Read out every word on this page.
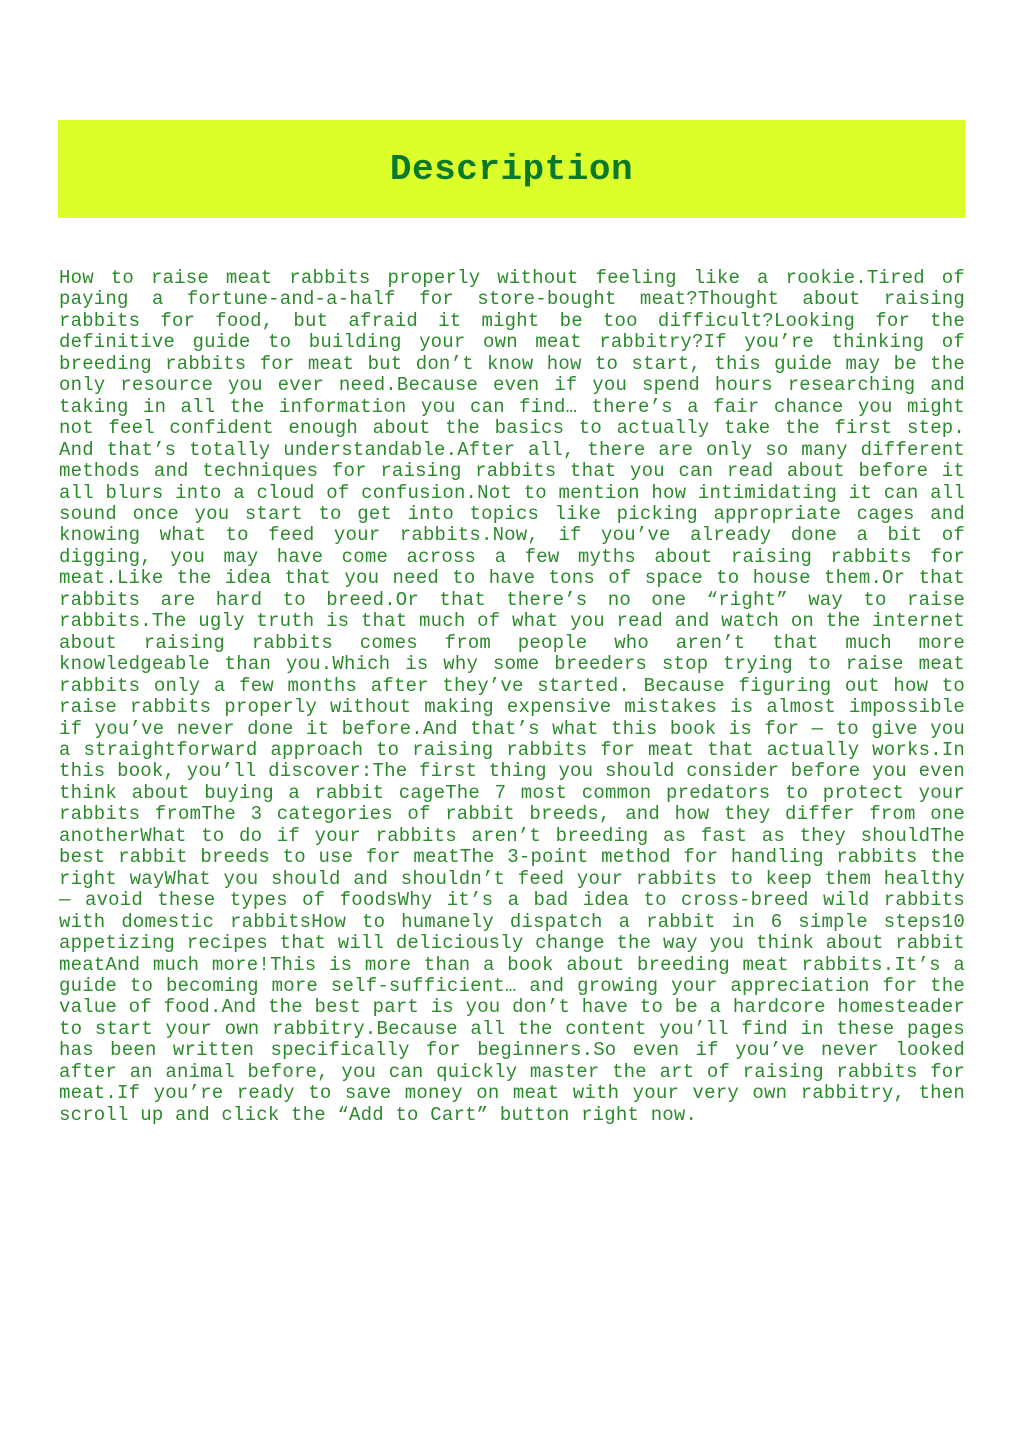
Description
How to raise meat rabbits properly without feeling like a rookie.Tired of paying a fortune-and-a-half for store-bought meat?Thought about raising rabbits for food, but afraid it might be too difficult?Looking for the definitive guide to building your own meat rabbitry?If you’re thinking of breeding rabbits for meat but don’t know how to start, this guide may be the only resource you ever need.Because even if you spend hours researching and taking in all the information you can find… there’s a fair chance you might not feel confident enough about the basics to actually take the first step. And that’s totally understandable.After all, there are only so many different methods and techniques for raising rabbits that you can read about before it all blurs into a cloud of confusion.Not to mention how intimidating it can all sound once you start to get into topics like picking appropriate cages and knowing what to feed your rabbits.Now, if you’ve already done a bit of digging, you may have come across a few myths about raising rabbits for meat.Like the idea that you need to have tons of space to house them.Or that rabbits are hard to breed.Or that there’s no one “right” way to raise rabbits.The ugly truth is that much of what you read and watch on the internet about raising rabbits comes from people who aren’t that much more knowledgeable than you.Which is why some breeders stop trying to raise meat rabbits only a few months after they’ve started. Because figuring out how to raise rabbits properly without making expensive mistakes is almost impossible if you’ve never done it before.And that’s what this book is for — to give you a straightforward approach to raising rabbits for meat that actually works.In this book, you’ll discover:The first thing you should consider before you even think about buying a rabbit cageThe 7 most common predators to protect your rabbits fromThe 3 categories of rabbit breeds, and how they differ from one anotherWhat to do if your rabbits aren’t breeding as fast as they shouldThe best rabbit breeds to use for meatThe 3-point method for handling rabbits the right wayWhat you should and shouldn’t feed your rabbits to keep them healthy — avoid these types of foodsWhy it’s a bad idea to cross-breed wild rabbits with domestic rabbitsHow to humanely dispatch a rabbit in 6 simple steps10 appetizing recipes that will deliciously change the way you think about rabbit meatAnd much more!This is more than a book about breeding meat rabbits.It’s a guide to becoming more self-sufficient… and growing your appreciation for the value of food.And the best part is you don’t have to be a hardcore homesteader to start your own rabbitry.Because all the content you’ll find in these pages has been written specifically for beginners.So even if you’ve never looked after an animal before, you can quickly master the art of raising rabbits for meat.If you’re ready to save money on meat with your very own rabbitry, then scroll up and click the “Add to Cart” button right now.
